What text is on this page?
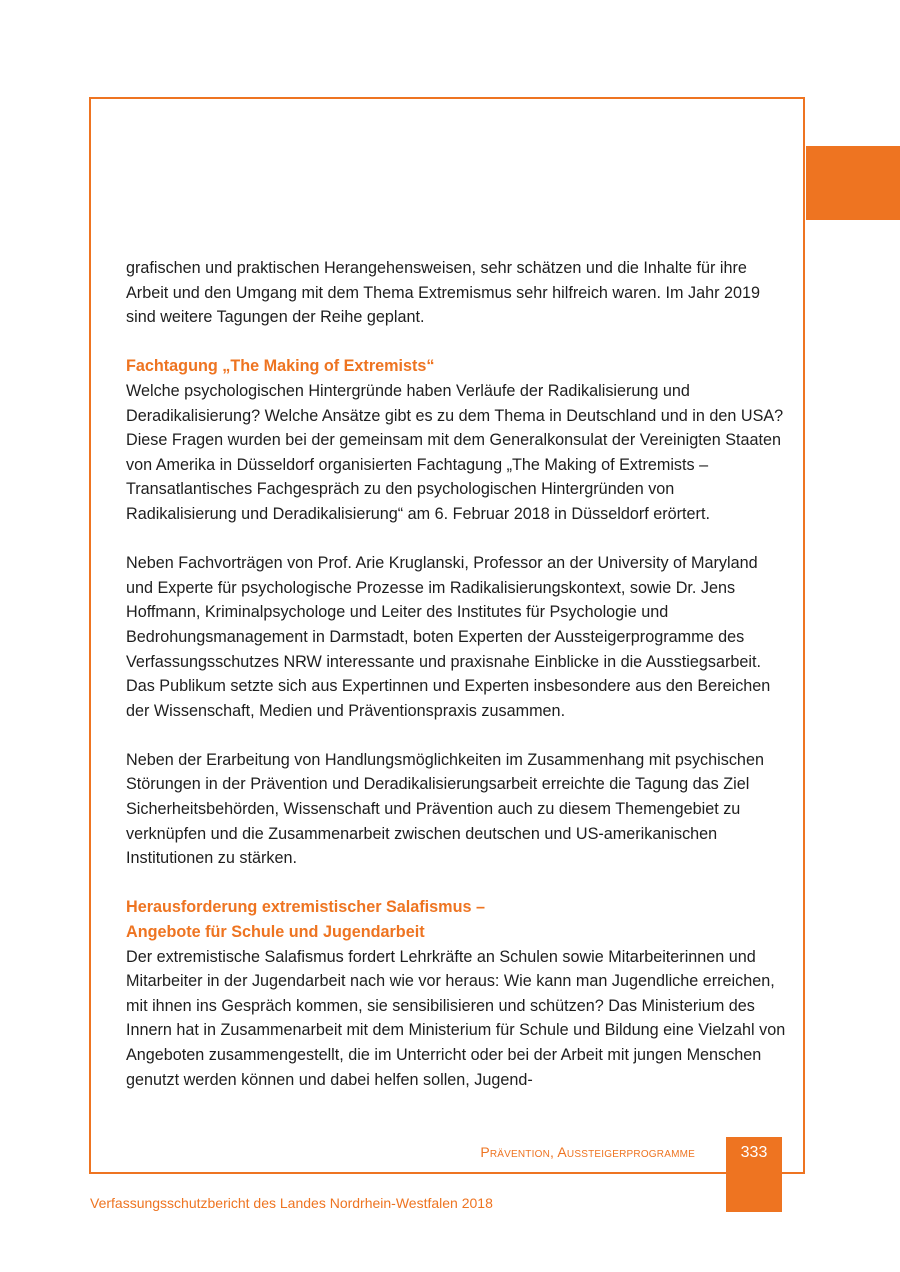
grafischen und praktischen Herangehensweisen, sehr schätzen und die Inhalte für ihre Arbeit und den Umgang mit dem Thema Extremismus sehr hilfreich waren. Im Jahr 2019 sind weitere Tagungen der Reihe geplant.

Fachtagung „The Making of Extremists“

Welche psychologischen Hintergründe haben Verläufe der Radikalisierung und Deradikalisierung? Welche Ansätze gibt es zu dem Thema in Deutschland und in den USA? Diese Fragen wurden bei der gemeinsam mit dem Generalkonsulat der Vereinigten Staaten von Amerika in Düsseldorf organisierten Fachtagung „The Making of Extremists – Transatlantisches Fachgespräch zu den psychologischen Hintergründen von Radikalisierung und Deradikalisierung“ am 6. Februar 2018 in Düsseldorf erörtert.

Neben Fachvorträgen von Prof. Arie Kruglanski, Professor an der University of Maryland und Experte für psychologische Prozesse im Radikalisierungskontext, sowie Dr. Jens Hoffmann, Kriminalpsychologe und Leiter des Institutes für Psychologie und Bedrohungsmanagement in Darmstadt, boten Experten der Aussteigerprogramme des Verfassungsschutzes NRW interessante und praxisnahe Einblicke in die Ausstiegsarbeit. Das Publikum setzte sich aus Expertinnen und Experten insbesondere aus den Bereichen der Wissenschaft, Medien und Präventionspraxis zusammen.

Neben der Erarbeitung von Handlungsmöglichkeiten im Zusammenhang mit psychischen Störungen in der Prävention und Deradikalisierungsarbeit erreichte die Tagung das Ziel Sicherheitsbehörden, Wissenschaft und Prävention auch zu diesem Themengebiet zu verknüpfen und die Zusammenarbeit zwischen deutschen und US-amerikanischen Institutionen zu stärken.

Herausforderung extremistischer Salafismus –
Angebote für Schule und Jugendarbeit

Der extremistische Salafismus fordert Lehrkräfte an Schulen sowie Mitarbeiterinnen und Mitarbeiter in der Jugendarbeit nach wie vor heraus: Wie kann man Jugendliche erreichen, mit ihnen ins Gespräch kommen, sie sensibilisieren und schützen? Das Ministerium des Innern hat in Zusammenarbeit mit dem Ministerium für Schule und Bildung eine Vielzahl von Angeboten zusammengestellt, die im Unterricht oder bei der Arbeit mit jungen Menschen genutzt werden können und dabei helfen sollen, Jugend-

Prävention, Aussteigerprogramme	333
Verfassungsschutzbericht des Landes Nordrhein-Westfalen 2018
